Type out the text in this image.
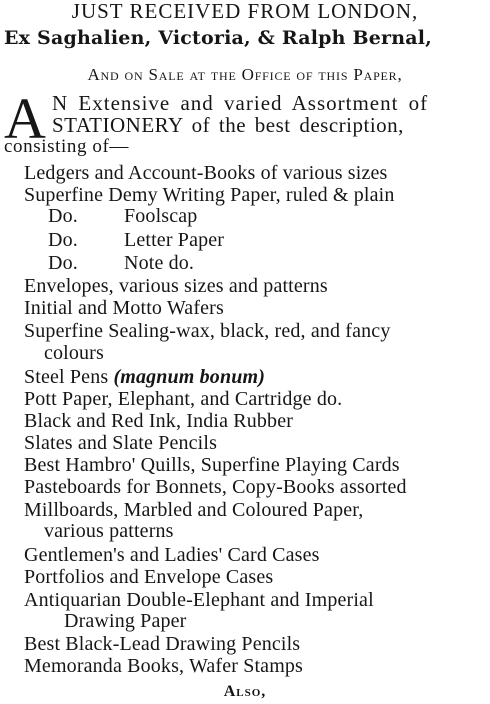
JUST RECEIVED FROM LONDON,
Ex Saghalien, Victoria, & Ralph Bernal,
And on Sale at the Office of this Paper,
A N Extensive and varied Assortment of
STATIONERY of the best description,
consisting of—
Ledgers and Account-Books of various sizes
Superfine Demy Writing Paper, ruled & plain
Do. Foolscap
Do. Letter Paper
Do. Note do.
Envelopes, various sizes and patterns
Initial and Motto Wafers
Superfine Sealing-wax, black, red, and fancy
colours
Steel Pens (magnum bonum)
Pott Paper, Elephant, and Cartridge do.
Black and Red Ink, India Rubber
Slates and Slate Pencils
Best Hambro' Quills, Superfine Playing Cards
Pasteboards for Bonnets, Copy-Books assorted
Millboards, Marbled and Coloured Paper,
various patterns
Gentlemen's and Ladies' Card Cases
Portfolios and Envelope Cases
Antiquarian Double-Elephant and Imperial
Drawing Paper
Best Black-Lead Drawing Pencils
Memoranda Books, Wafer Stamps
Also,
